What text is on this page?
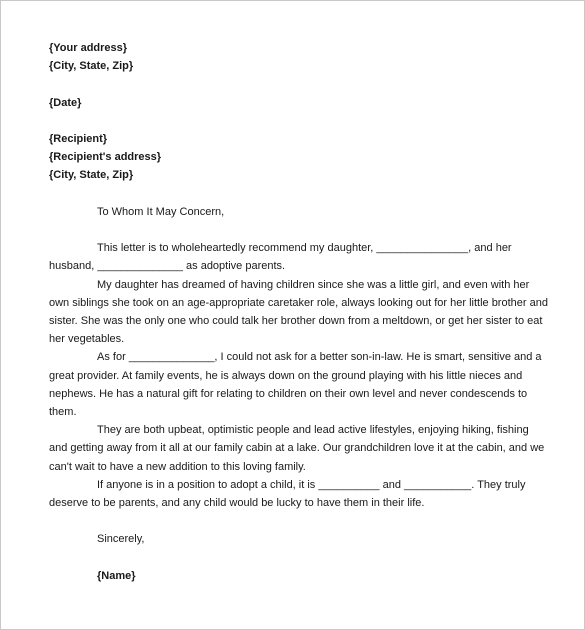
{Your address}
{City, State, Zip}
{Date}
{Recipient}
{Recipient's address}
{City, State, Zip}
To Whom It May Concern,
This letter is to wholeheartedly recommend my daughter, _______________, and her
husband, ______________ as adoptive parents.
My daughter has dreamed of having children since she was a little girl, and even with her
own siblings she took on an age-appropriate caretaker role, always looking out for her little brother and
sister. She was the only one who could talk her brother down from a meltdown, or get her sister to eat
her vegetables.
As for ______________, I could not ask for a better son-in-law. He is smart, sensitive and a
great provider. At family events, he is always down on the ground playing with his little nieces and
nephews. He has a natural gift for relating to children on their own level and never condescends to
them.
They are both upbeat, optimistic people and lead active lifestyles, enjoying hiking, fishing
and getting away from it all at our family cabin at a lake. Our grandchildren love it at the cabin, and we
can't wait to have a new addition to this loving family.
If anyone is in a position to adopt a child, it is __________ and ___________. They truly
deserve to be parents, and any child would be lucky to have them in their life.
Sincerely,
{Name}
